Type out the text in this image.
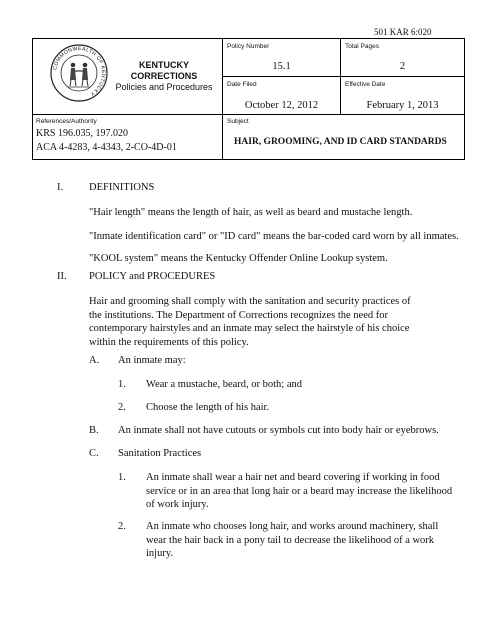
501 KAR 6:020
COMMONWEALTH OF KENTUCKY
KENTUCKY
CORRECTIONS
Policies and Procedures
Policy Number
15.1
Total Pages
2
Date Filed
October 12, 2012
Effective Date
February 1, 2013
References/Authority
KRS 196.035, 197.020
ACA 4-4283, 4-4343, 2-CO-4D-01
Subject
HAIR, GROOMING, AND ID CARD STANDARDS
I. DEFINITIONS
"Hair length" means the length of hair, as well as beard and mustache length.
"Inmate identification card" or "ID card" means the bar-coded card worn by all inmates.
"KOOL system" means the Kentucky Offender Online Lookup system.
II. POLICY and PROCEDURES
Hair and grooming shall comply with the sanitation and security practices of
the institutions. The Department of Corrections recognizes the need for
contemporary hairstyles and an inmate may select the hairstyle of his choice
within the requirements of this policy.
A. An inmate may:
1. Wear a mustache, beard, or both; and
2. Choose the length of his hair.
B. An inmate shall not have cutouts or symbols cut into body hair or eyebrows.
C. Sanitation Practices
1. An inmate shall wear a hair net and beard covering if working in food
service or in an area that long hair or a beard may increase the likelihood
of work injury.
2. An inmate who chooses long hair, and works around machinery, shall
wear the hair back in a pony tail to decrease the likelihood of a work
injury.
